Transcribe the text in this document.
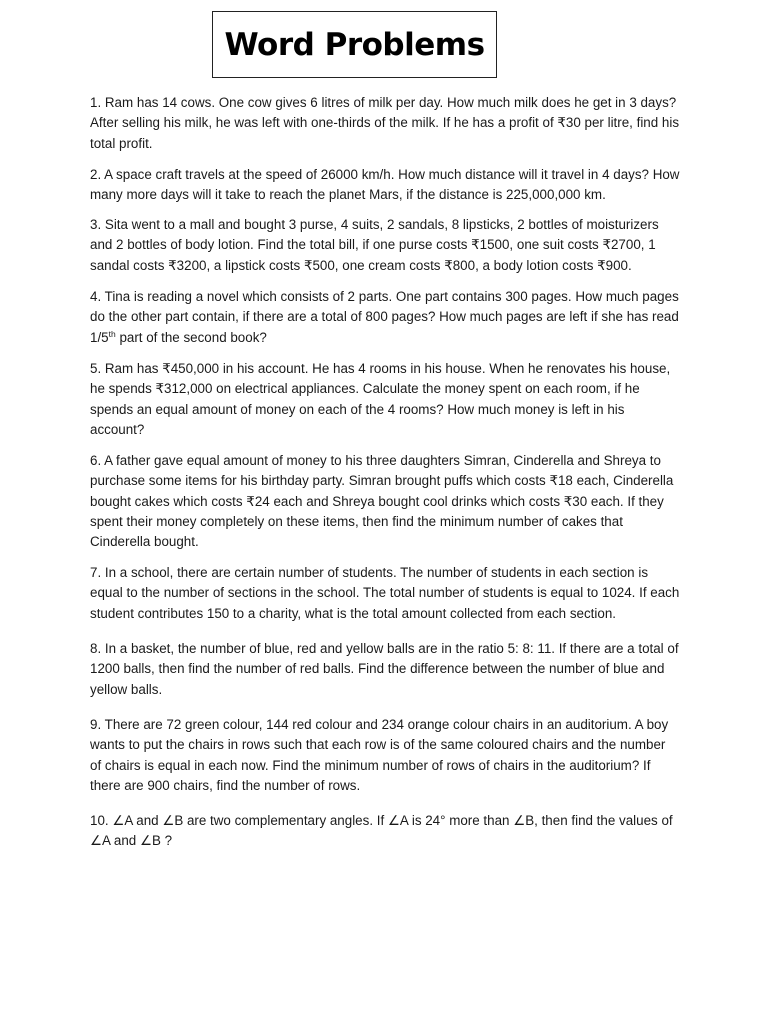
Word Problems

1. Ram has 14 cows. One cow gives 6 litres of milk per day. How much milk does he get in 3 days? After selling his milk, he was left with one-thirds of the milk. If he has a profit of ₹30 per litre, find his total profit.

2. A space craft travels at the speed of 26000 km/h. How much distance will it travel in 4 days? How many more days will it take to reach the planet Mars, if the distance is 225,000,000 km.

3. Sita went to a mall and bought 3 purse, 4 suits, 2 sandals, 8 lipsticks, 2 bottles of moisturizers and 2 bottles of body lotion. Find the total bill, if one purse costs ₹1500, one suit costs ₹2700, 1 sandal costs ₹3200, a lipstick costs ₹500, one cream costs ₹800, a body lotion costs ₹900.

4. Tina is reading a novel which consists of 2 parts. One part contains 300 pages. How much pages do the other part contain, if there are a total of 800 pages? How much pages are left if she has read 1/5th part of the second book?

5. Ram has ₹450,000 in his account. He has 4 rooms in his house. When he renovates his house, he spends ₹312,000 on electrical appliances. Calculate the money spent on each room, if he spends an equal amount of money on each of the 4 rooms? How much money is left in his account?

6. A father gave equal amount of money to his three daughters Simran, Cinderella and Shreya to purchase some items for his birthday party. Simran brought puffs which costs ₹18 each, Cinderella bought cakes which costs ₹24 each and Shreya bought cool drinks which costs ₹30 each. If they spent their money completely on these items, then find the minimum number of cakes that Cinderella bought.

7. In a school, there are certain number of students. The number of students in each section is equal to the number of sections in the school. The total number of students is equal to 1024. If each student contributes 150 to a charity, what is the total amount collected from each section.

8. In a basket, the number of blue, red and yellow balls are in the ratio 5: 8: 11. If there are a total of 1200 balls, then find the number of red balls. Find the difference between the number of blue and yellow balls.

9. There are 72 green colour, 144 red colour and 234 orange colour chairs in an auditorium. A boy wants to put the chairs in rows such that each row is of the same coloured chairs and the number of chairs is equal in each now. Find the minimum number of rows of chairs in the auditorium? If there are 900 chairs, find the number of rows.

10. ∠A and ∠B are two complementary angles. If ∠A is 24° more than ∠B, then find the values of ∠A and ∠B ?
